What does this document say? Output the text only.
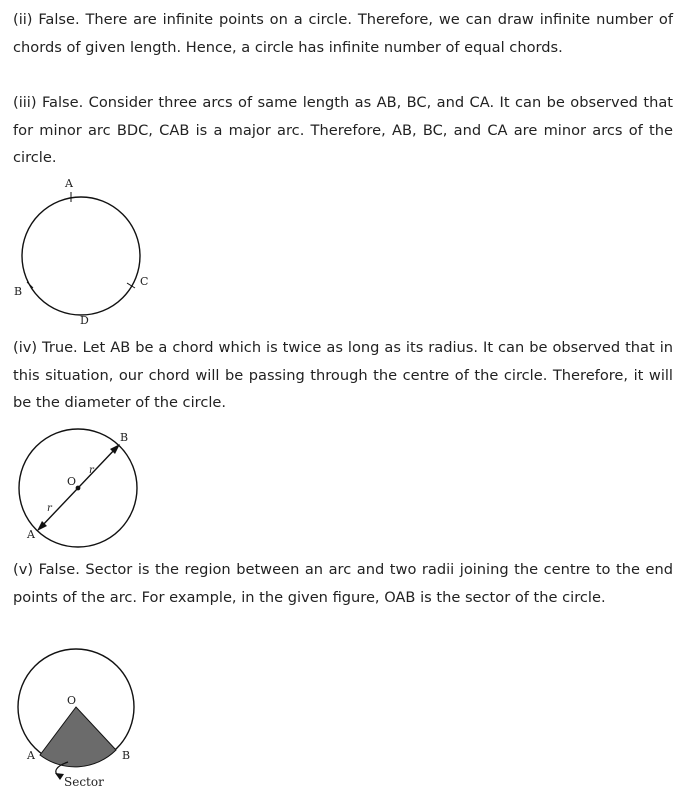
(ii) False. There are infinite points on a circle. Therefore, we can draw infinite number of chords of given length. Hence, a circle has infinite number of equal chords.

(iii) False. Consider three arcs of same length as AB, BC, and CA. It can be observed that for minor arc BDC, CAB is a major arc. Therefore, AB, BC, and CA are minor arcs of the circle.

A
B
C
D

(iv) True. Let AB be a chord which is twice as long as its radius. It can be observed that in this situation, our chord will be passing through the centre of the circle. Therefore, it will be the diameter of the circle.

O
B
A
r
r

(v) False. Sector is the region between an arc and two radii joining the centre to the end points of the arc. For example, in the given figure, OAB is the sector of the circle.

O
A	B
Sector
